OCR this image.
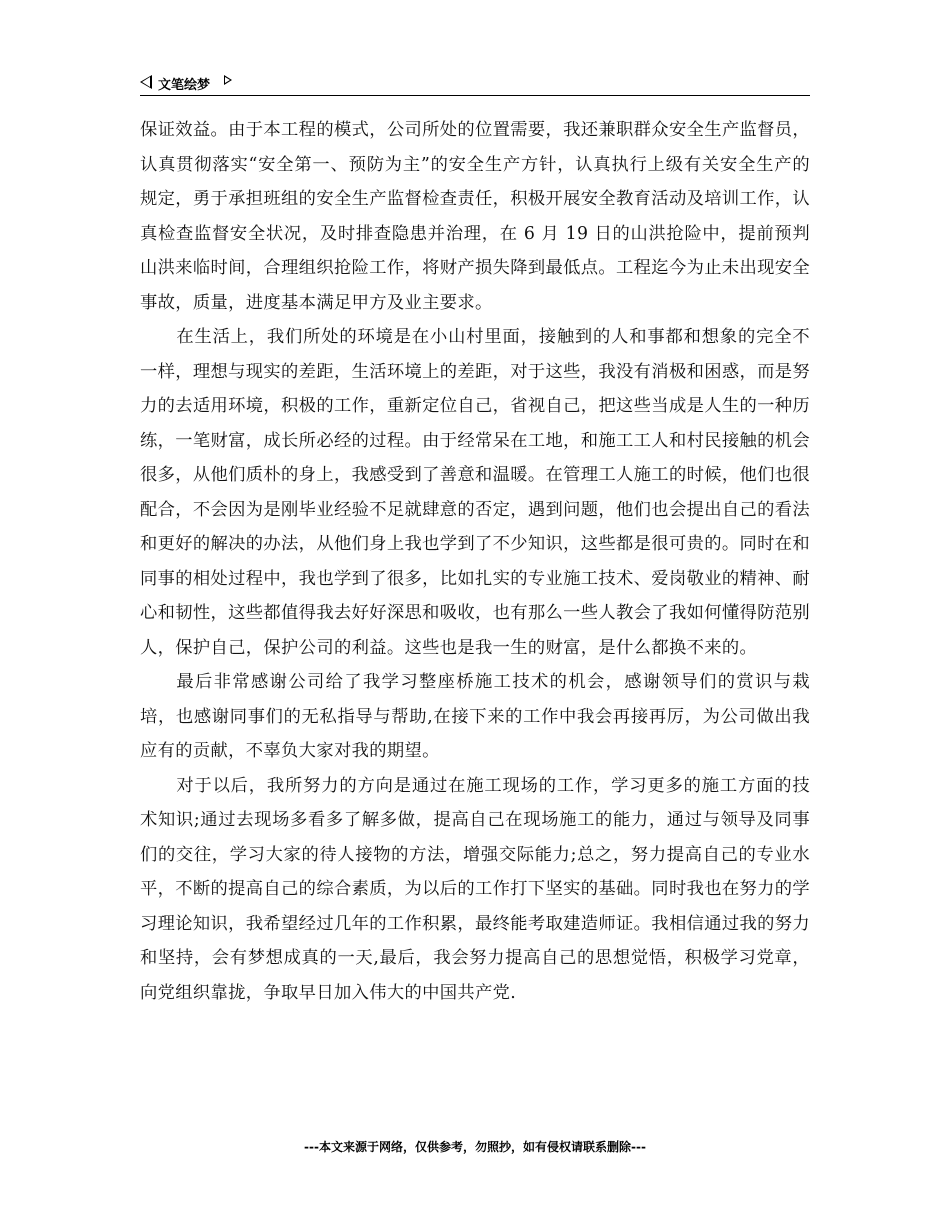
文笔绘梦

保证效益。由于本工程的模式，公司所处的位置需要，我还兼职群众安全生产监督员，认真贯彻落实“安全第一、预防为主”的安全生产方针，认真执行上级有关安全生产的规定，勇于承担班组的安全生产监督检查责任，积极开展安全教育活动及培训工作，认真检查监督安全状况，及时排查隐患并治理，在 6 月 19 日的山洪抢险中，提前预判山洪来临时间，合理组织抢险工作，将财产损失降到最低点。工程迄今为止未出现安全事故，质量，进度基本满足甲方及业主要求。

在生活上，我们所处的环境是在小山村里面，接触到的人和事都和想象的完全不一样，理想与现实的差距，生活环境上的差距，对于这些，我没有消极和困惑，而是努力的去适用环境，积极的工作，重新定位自己，省视自己，把这些当成是人生的一种历练，一笔财富，成长所必经的过程。由于经常呆在工地，和施工工人和村民接触的机会很多，从他们质朴的身上，我感受到了善意和温暖。在管理工人施工的时候，他们也很配合，不会因为是刚毕业经验不足就肆意的否定，遇到问题，他们也会提出自己的看法和更好的解决的办法，从他们身上我也学到了不少知识，这些都是很可贵的。同时在和同事的相处过程中，我也学到了很多，比如扎实的专业施工技术、爱岗敬业的精神、耐心和韧性，这些都值得我去好好深思和吸收，也有那么一些人教会了我如何懂得防范别人，保护自己，保护公司的利益。这些也是我一生的财富，是什么都换不来的。

最后非常感谢公司给了我学习整座桥施工技术的机会，感谢领导们的赏识与栽培，也感谢同事们的无私指导与帮助,在接下来的工作中我会再接再厉，为公司做出我应有的贡献，不辜负大家对我的期望。

对于以后，我所努力的方向是通过在施工现场的工作，学习更多的施工方面的技术知识;通过去现场多看多了解多做，提高自己在现场施工的能力，通过与领导及同事们的交往，学习大家的待人接物的方法，增强交际能力;总之，努力提高自己的专业水平，不断的提高自己的综合素质，为以后的工作打下坚实的基础。同时我也在努力的学习理论知识，我希望经过几年的工作积累，最终能考取建造师证。我相信通过我的努力和坚持，会有梦想成真的一天,最后，我会努力提高自己的思想觉悟，积极学习党章，向党组织靠拢，争取早日加入伟大的中国共产党.

---本文来源于网络，仅供参考，勿照抄，如有侵权请联系删除---
